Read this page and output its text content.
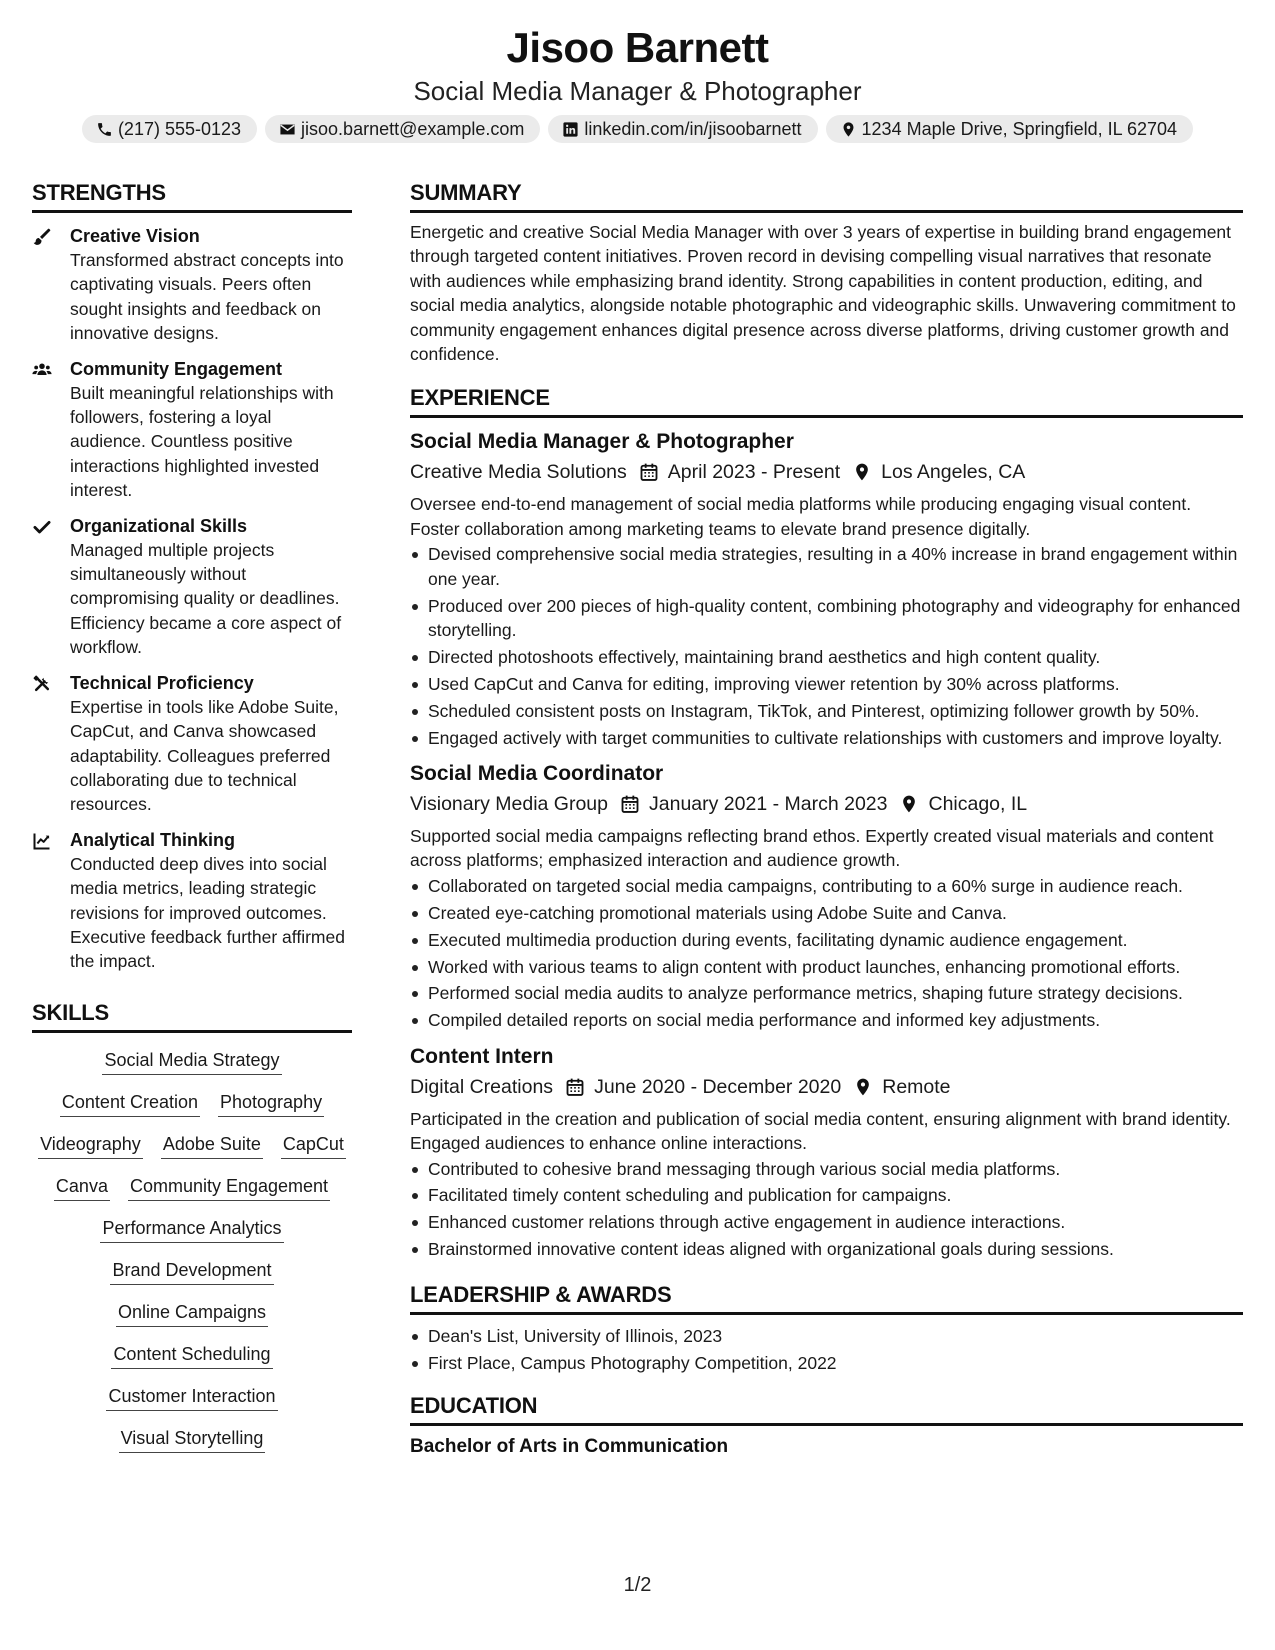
Jisoo Barnett
Social Media Manager & Photographer
(217) 555-0123	jisoo.barnett@example.com	linkedin.com/in/jisoobarnett	1234 Maple Drive, Springfield, IL 62704
STRENGTHS
Creative Vision
Transformed abstract concepts into captivating visuals. Peers often sought insights and feedback on innovative designs.
Community Engagement
Built meaningful relationships with followers, fostering a loyal audience. Countless positive interactions highlighted invested interest.
Organizational Skills
Managed multiple projects simultaneously without compromising quality or deadlines. Efficiency became a core aspect of workflow.
Technical Proficiency
Expertise in tools like Adobe Suite, CapCut, and Canva showcased adaptability. Colleagues preferred collaborating due to technical resources.
Analytical Thinking
Conducted deep dives into social media metrics, leading strategic revisions for improved outcomes. Executive feedback further affirmed the impact.
SKILLS
Social Media Strategy
Content Creation Photography
Videography Adobe Suite CapCut
Canva Community Engagement
Performance Analytics
Brand Development
Online Campaigns
Content Scheduling
Customer Interaction
Visual Storytelling
SUMMARY
Energetic and creative Social Media Manager with over 3 years of expertise in building brand engagement through targeted content initiatives. Proven record in devising compelling visual narratives that resonate with audiences while emphasizing brand identity. Strong capabilities in content production, editing, and social media analytics, alongside notable photographic and videographic skills. Unwavering commitment to community engagement enhances digital presence across diverse platforms, driving customer growth and confidence.
EXPERIENCE
Social Media Manager & Photographer
Creative Media Solutions April 2023 - Present Los Angeles, CA
Oversee end-to-end management of social media platforms while producing engaging visual content. Foster collaboration among marketing teams to elevate brand presence digitally.
Devised comprehensive social media strategies, resulting in a 40% increase in brand engagement within one year.
Produced over 200 pieces of high-quality content, combining photography and videography for enhanced storytelling.
Directed photoshoots effectively, maintaining brand aesthetics and high content quality.
Used CapCut and Canva for editing, improving viewer retention by 30% across platforms.
Scheduled consistent posts on Instagram, TikTok, and Pinterest, optimizing follower growth by 50%.
Engaged actively with target communities to cultivate relationships with customers and improve loyalty.
Social Media Coordinator
Visionary Media Group January 2021 - March 2023 Chicago, IL
Supported social media campaigns reflecting brand ethos. Expertly created visual materials and content across platforms; emphasized interaction and audience growth.
Collaborated on targeted social media campaigns, contributing to a 60% surge in audience reach.
Created eye-catching promotional materials using Adobe Suite and Canva.
Executed multimedia production during events, facilitating dynamic audience engagement.
Worked with various teams to align content with product launches, enhancing promotional efforts.
Performed social media audits to analyze performance metrics, shaping future strategy decisions.
Compiled detailed reports on social media performance and informed key adjustments.
Content Intern
Digital Creations June 2020 - December 2020 Remote
Participated in the creation and publication of social media content, ensuring alignment with brand identity. Engaged audiences to enhance online interactions.
Contributed to cohesive brand messaging through various social media platforms.
Facilitated timely content scheduling and publication for campaigns.
Enhanced customer relations through active engagement in audience interactions.
Brainstormed innovative content ideas aligned with organizational goals during sessions.
LEADERSHIP & AWARDS
Dean's List, University of Illinois, 2023
First Place, Campus Photography Competition, 2022
EDUCATION
Bachelor of Arts in Communication
1/2
